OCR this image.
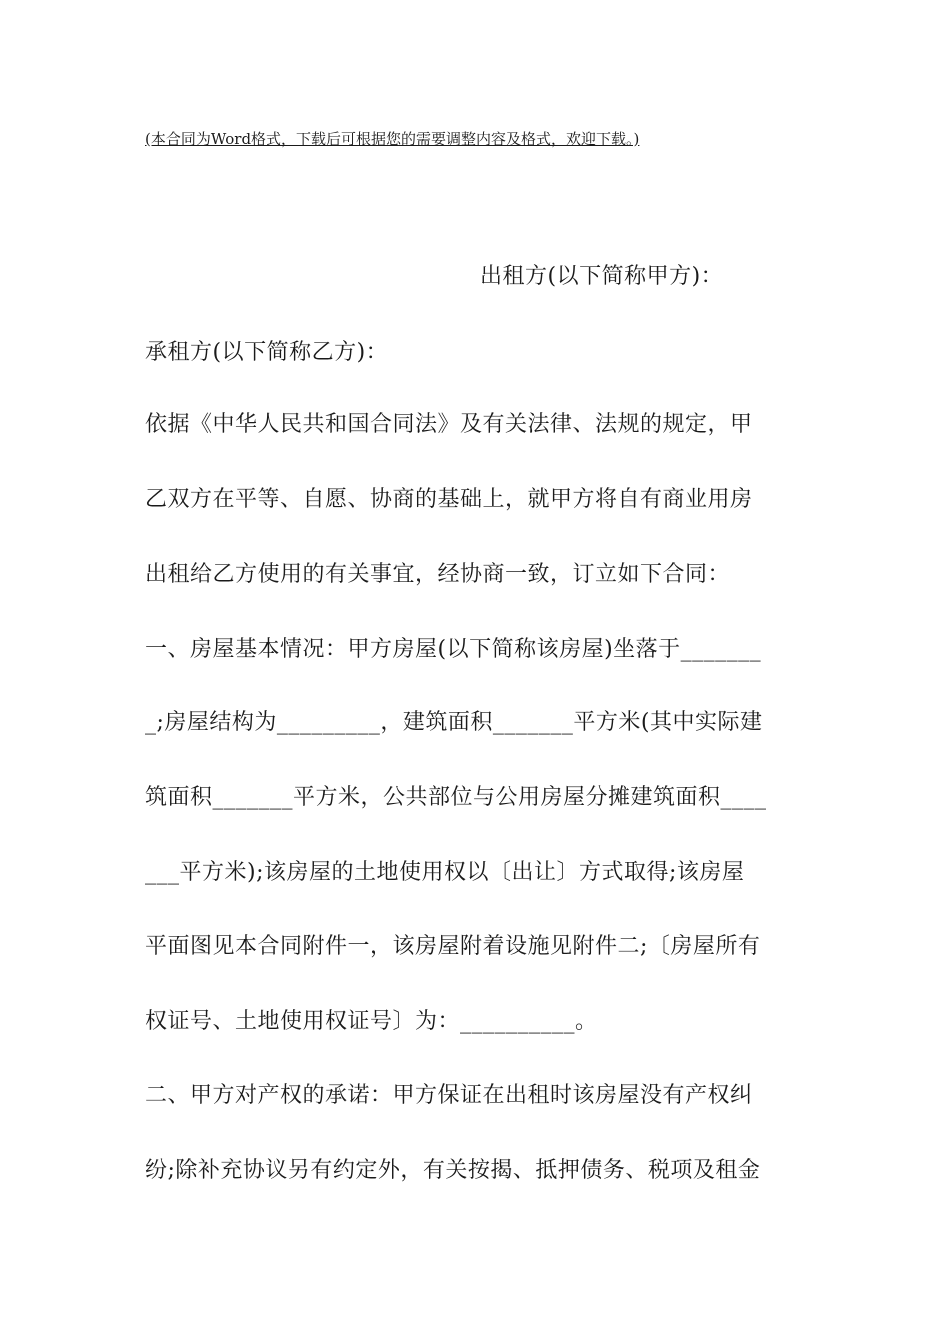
(本合同为Word格式，下载后可根据您的需要调整内容及格式，欢迎下载。)
出租方(以下简称甲方)：
承租方(以下简称乙方)：
依据《中华人民共和国合同法》及有关法律、法规的规定，甲
乙双方在平等、自愿、协商的基础上，就甲方将自有商业用房
出租给乙方使用的有关事宜，经协商一致，订立如下合同：
一、房屋基本情况：甲方房屋(以下简称该房屋)坐落于_______
_;房屋结构为_________，建筑面积_______平方米(其中实际建
筑面积_______平方米，公共部位与公用房屋分摊建筑面积____
___平方米);该房屋的土地使用权以〔出让〕方式取得;该房屋
平面图见本合同附件一，该房屋附着设施见附件二;〔房屋所有
权证号、土地使用权证号〕为：__________。
二、甲方对产权的承诺：甲方保证在出租时该房屋没有产权纠
纷;除补充协议另有约定外，有关按揭、抵押债务、税项及租金
